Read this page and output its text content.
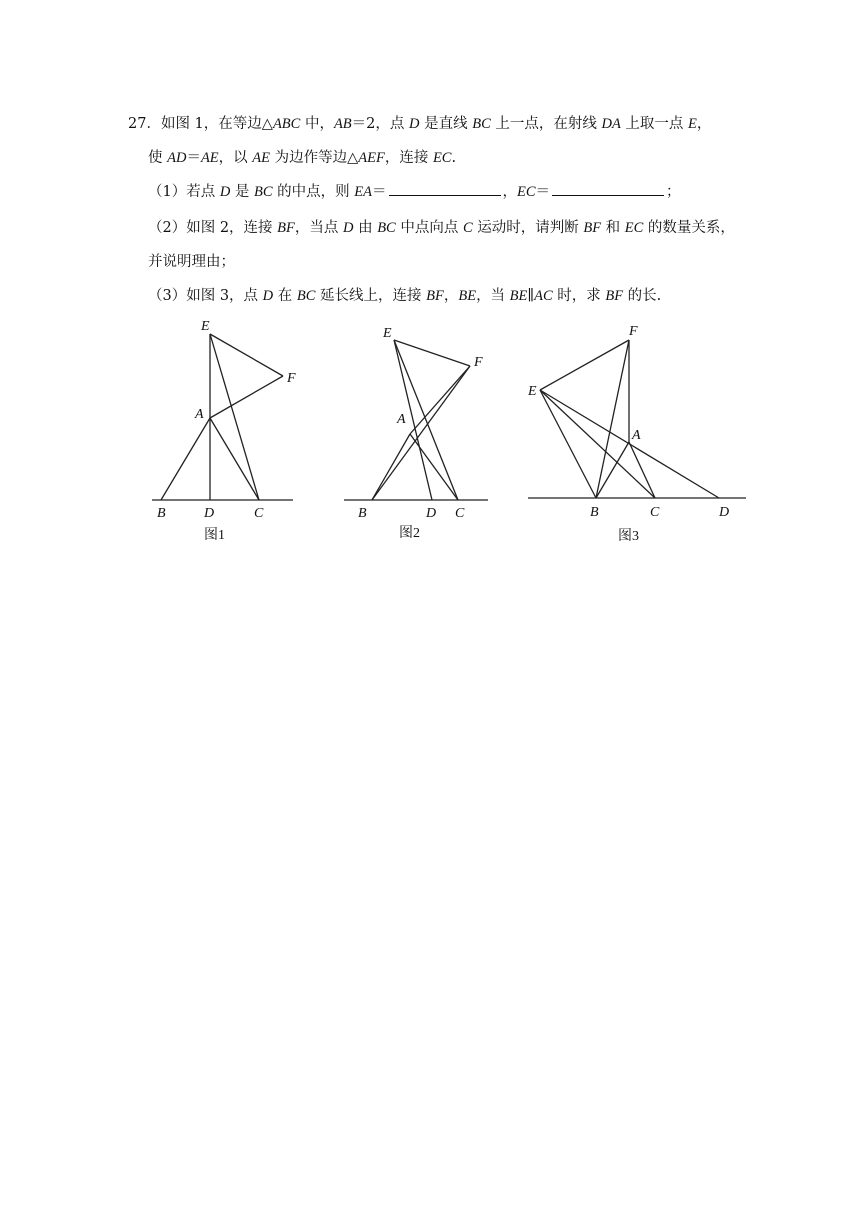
27．如图 1，在等边△ABC 中，AB＝2，点 D 是直线 BC 上一点，在射线 DA 上取一点 E，
使 AD＝AE，以 AE 为边作等边△AEF，连接 EC.
（1）若点 D 是 BC 的中点，则 EA＝	，EC＝	；
（2）如图 2，连接 BF，当点 D 由 BC 中点向点 C 运动时，请判断 BF 和 EC 的数量关系，
并说明理由；
（3）如图 3，点 D 在 BC 延长线上，连接 BF，BE，当 BE∥AC 时，求 BF 的长.
E
F
A
B	D	C
图1
E
F
A
B	D C
图2
F
E
A
B	C	D
图3
